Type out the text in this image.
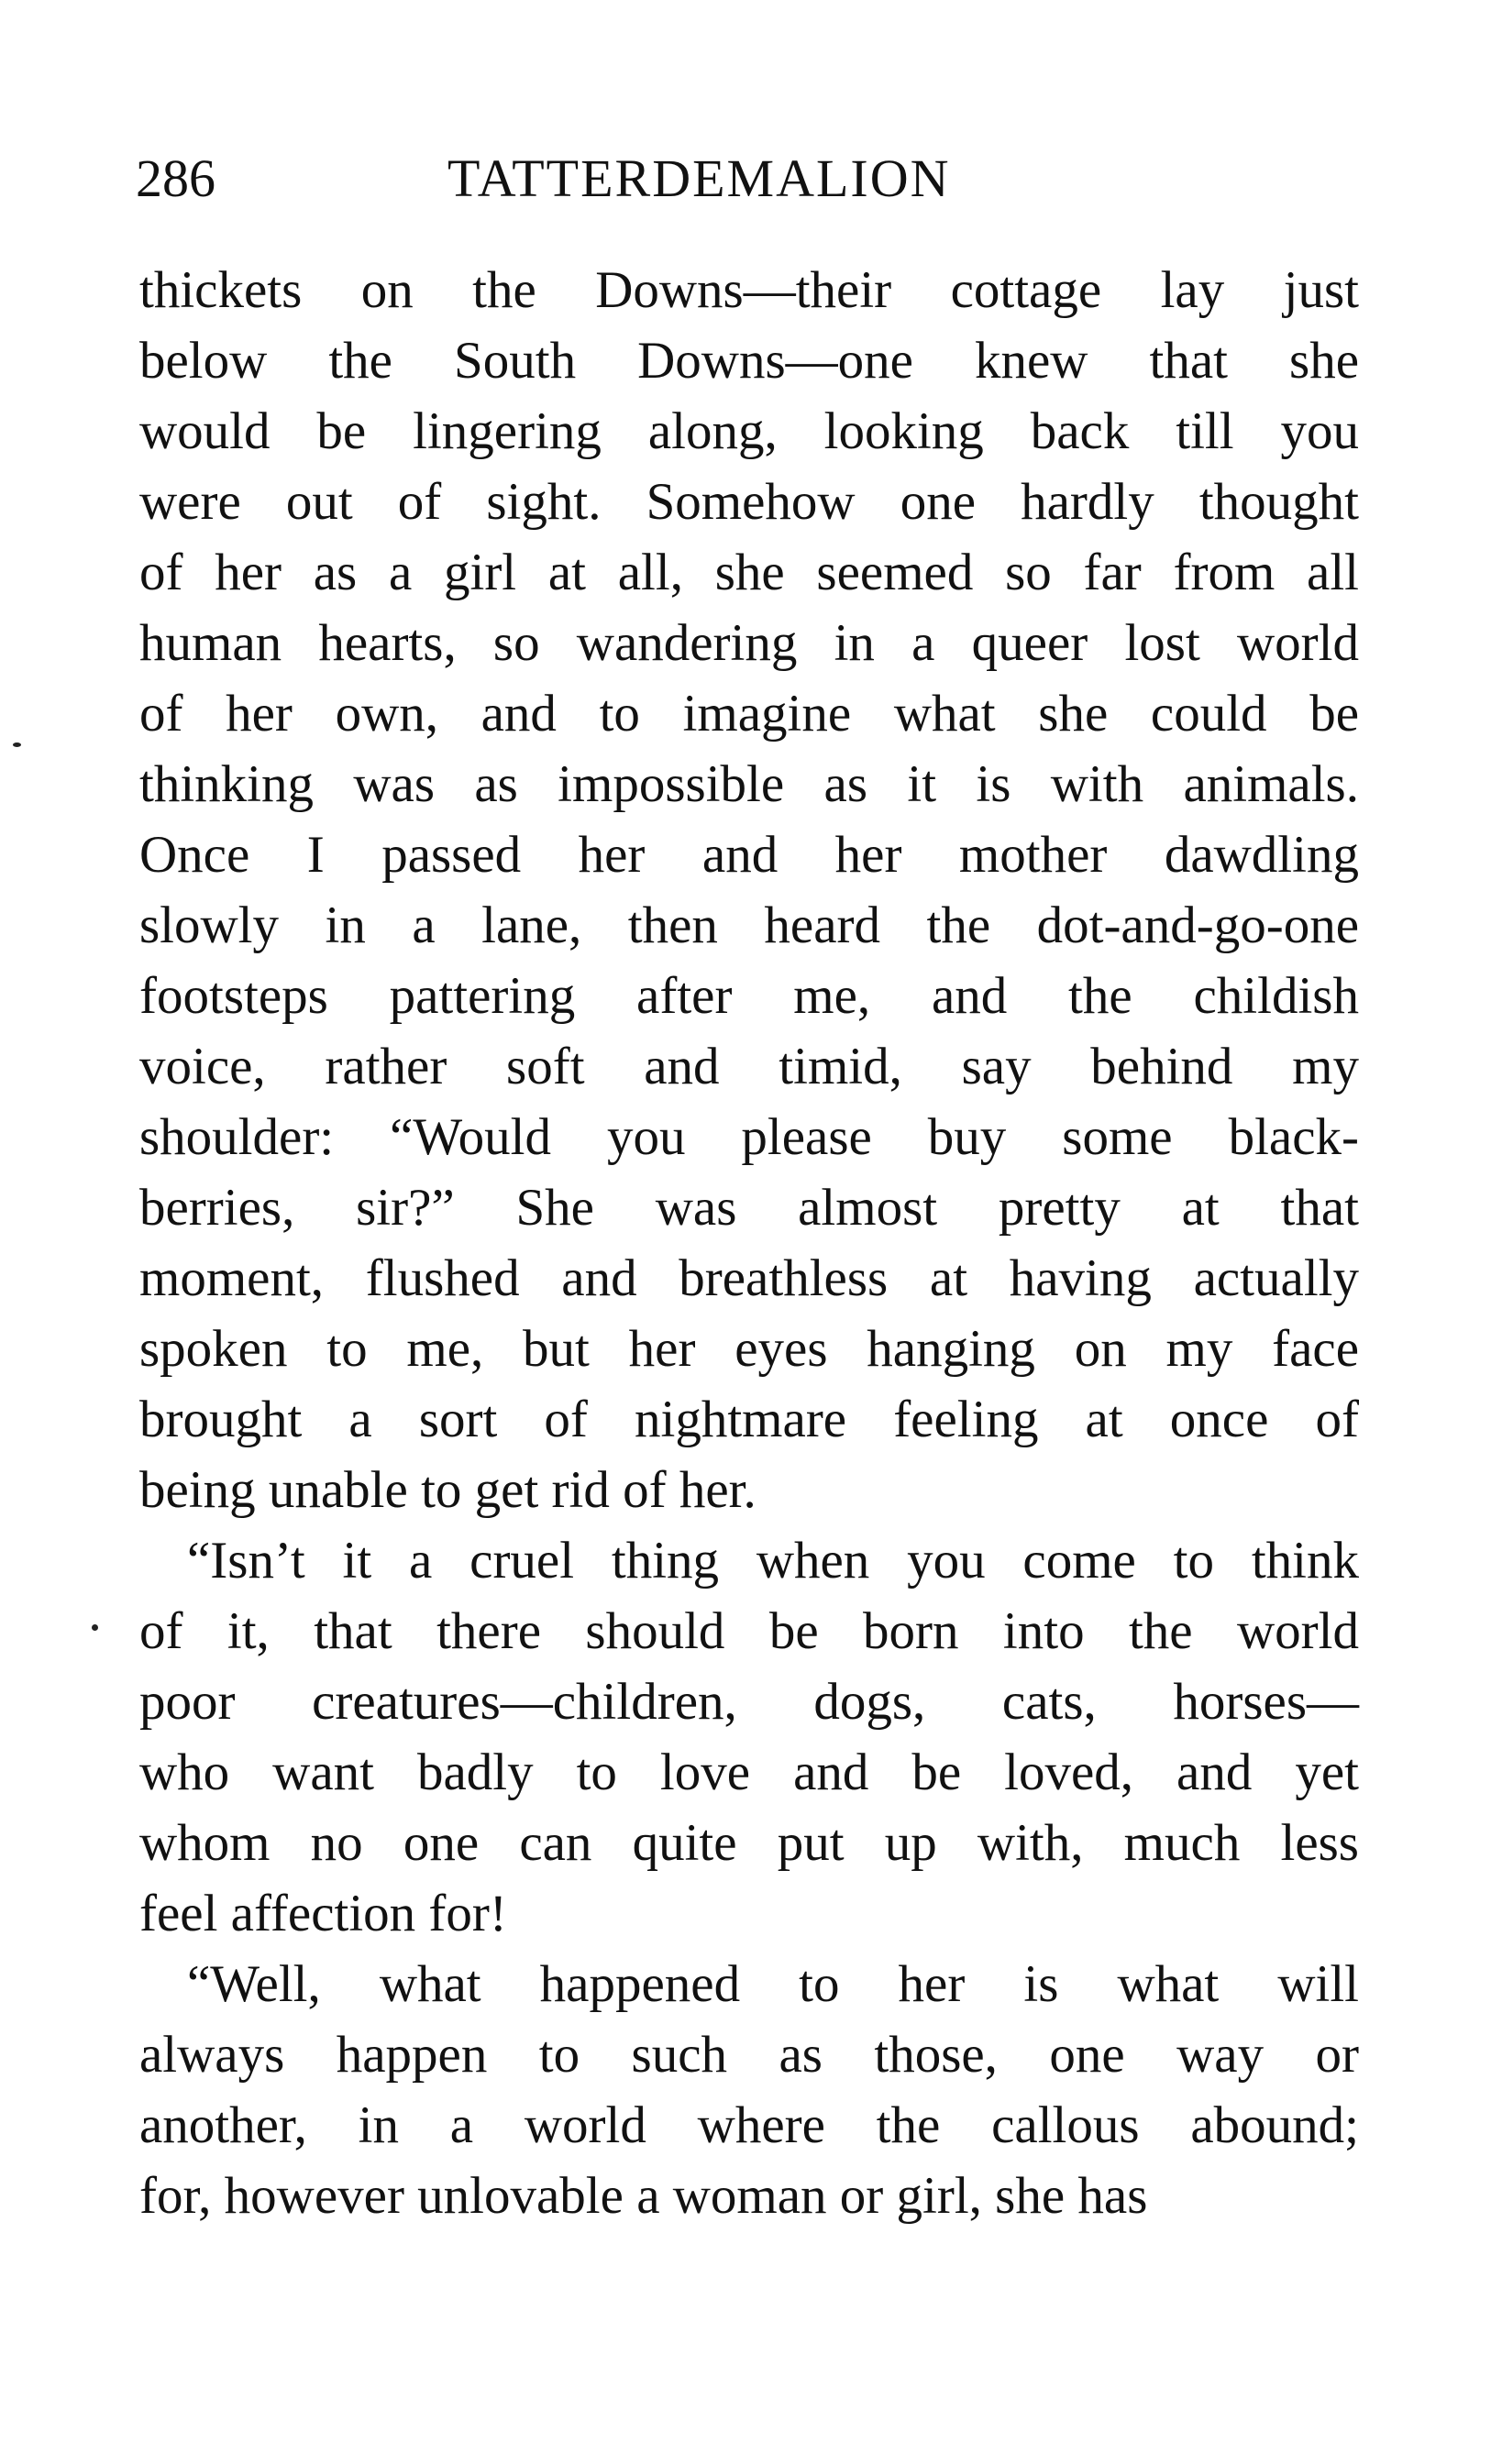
286	TATTERDEMALION
thickets on the Downs—their cottage lay just
below the South Downs—one knew that she
would be lingering along, looking back till you
were out of sight. Somehow one hardly thought
of her as a girl at all, she seemed so far from all
human hearts, so wandering in a queer lost world
of her own, and to imagine what she could be
thinking was as impossible as it is with animals.
Once I passed her and her mother dawdling
slowly in a lane, then heard the dot-and-go-one
footsteps pattering after me, and the childish
voice, rather soft and timid, say behind my
shoulder: “Would you please buy some black-
berries, sir?” She was almost pretty at that
moment, flushed and breathless at having actually
spoken to me, but her eyes hanging on my face
brought a sort of nightmare feeling at once of
being unable to get rid of her.
“Isn’t it a cruel thing when you come to think
of it, that there should be born into the world
poor creatures—children, dogs, cats, horses—
who want badly to love and be loved, and yet
whom no one can quite put up with, much less
feel affection for!
“Well, what happened to her is what will
always happen to such as those, one way or
another, in a world where the callous abound;
for, however unlovable a woman or girl, she has
